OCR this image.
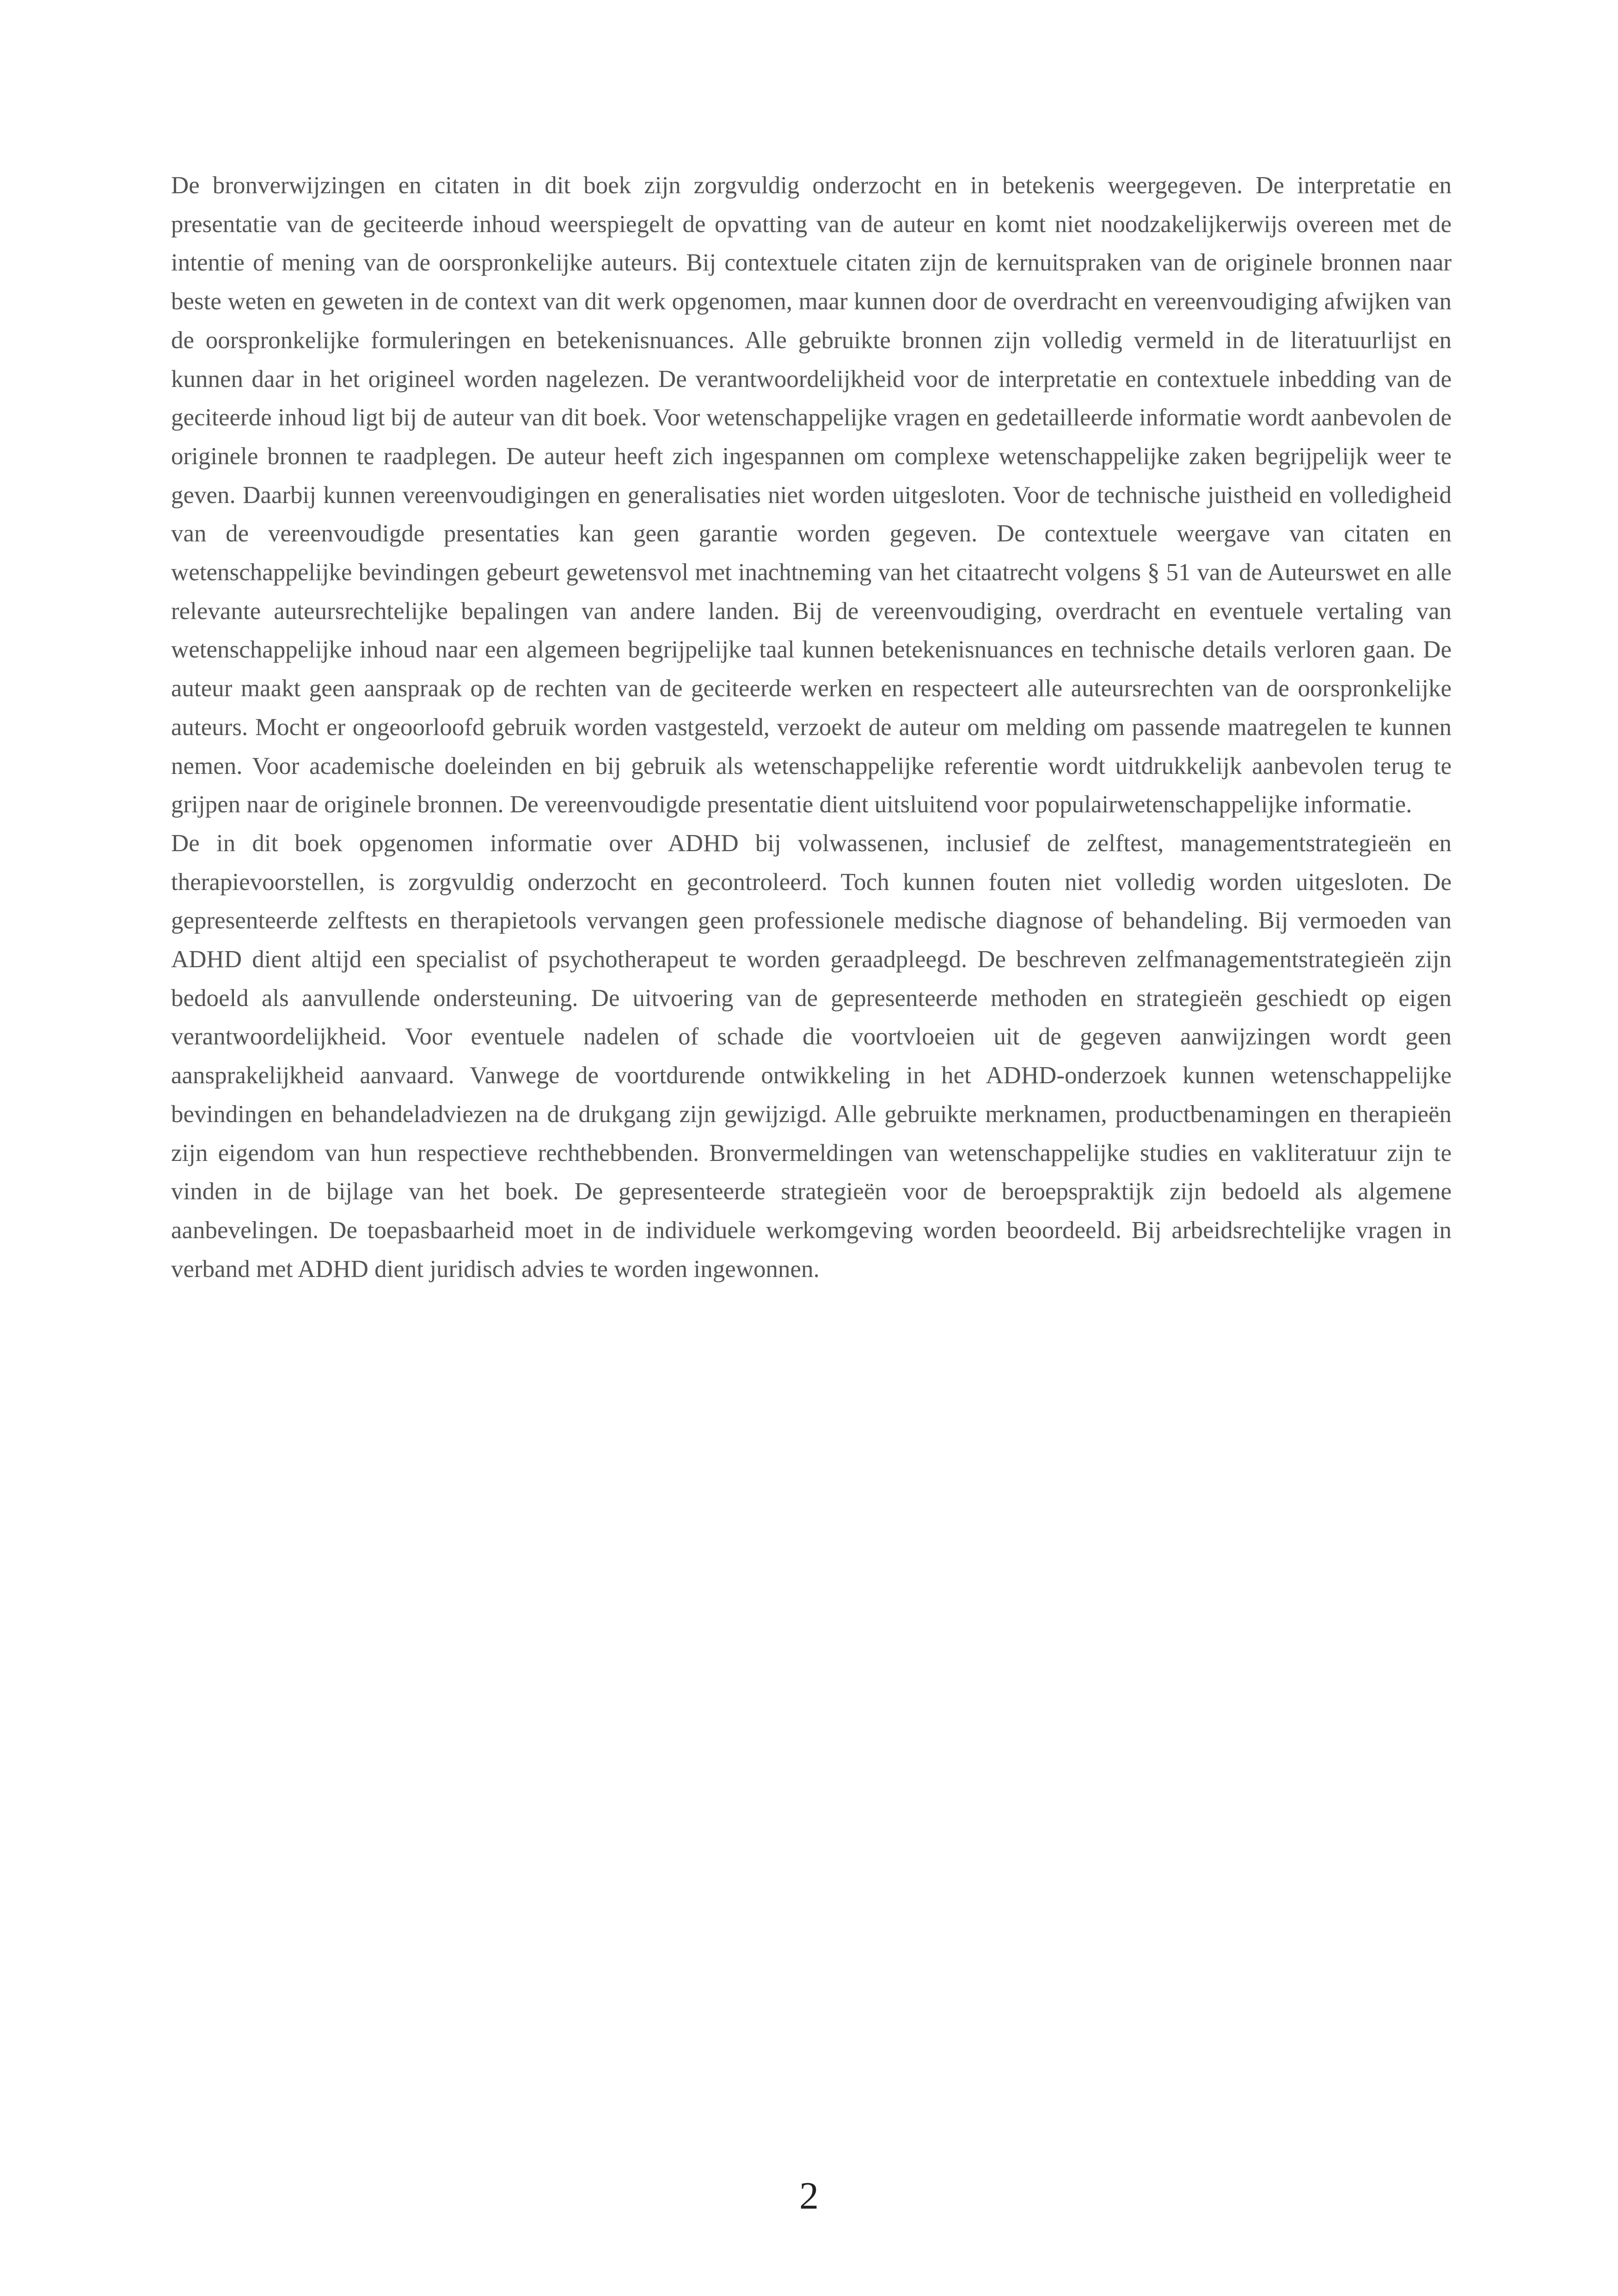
De bronverwijzingen en citaten in dit boek zijn zorgvuldig onderzocht en in betekenis weergegeven. De interpretatie en presentatie van de geciteerde inhoud weerspiegelt de opvatting van de auteur en komt niet noodzakelijkerwijs overeen met de intentie of mening van de oorspronkelijke auteurs. Bij contextuele citaten zijn de kernuitspraken van de originele bronnen naar beste weten en geweten in de context van dit werk opgenomen, maar kunnen door de overdracht en vereenvoudiging afwijken van de oorspronkelijke formuleringen en betekenisnuances. Alle gebruikte bronnen zijn volledig vermeld in de literatuurlijst en kunnen daar in het origineel worden nagelezen. De verantwoordelijkheid voor de interpretatie en contextuele inbedding van de geciteerde inhoud ligt bij de auteur van dit boek. Voor wetenschappelijke vragen en gedetailleerde informatie wordt aanbevolen de originele bronnen te raadplegen. De auteur heeft zich ingespannen om complexe wetenschappelijke zaken begrijpelijk weer te geven. Daarbij kunnen vereenvoudigingen en generalisaties niet worden uitgesloten. Voor de technische juistheid en volledigheid van de vereenvoudigde presentaties kan geen garantie worden gegeven. De contextuele weergave van citaten en wetenschappelijke bevindingen gebeurt gewetensvol met inachtneming van het citaatrecht volgens § 51 van de Auteurswet en alle relevante auteursrechtelijke bepalingen van andere landen. Bij de vereenvoudiging, overdracht en eventuele vertaling van wetenschappelijke inhoud naar een algemeen begrijpelijke taal kunnen betekenisnuances en technische details verloren gaan. De auteur maakt geen aanspraak op de rechten van de geciteerde werken en respecteert alle auteursrechten van de oorspronkelijke auteurs. Mocht er ongeoorloofd gebruik worden vastgesteld, verzoekt de auteur om melding om passende maatregelen te kunnen nemen. Voor academische doeleinden en bij gebruik als wetenschappelijke referentie wordt uitdrukkelijk aanbevolen terug te grijpen naar de originele bronnen. De vereenvoudigde presentatie dient uitsluitend voor populairwetenschappelijke informatie.

De in dit boek opgenomen informatie over ADHD bij volwassenen, inclusief de zelftest, managementstrategieën en therapievoorstellen, is zorgvuldig onderzocht en gecontroleerd. Toch kunnen fouten niet volledig worden uitgesloten. De gepresenteerde zelftests en therapietools vervangen geen professionele medische diagnose of behandeling. Bij vermoeden van ADHD dient altijd een specialist of psychotherapeut te worden geraadpleegd. De beschreven zelfmanagementstrategieën zijn bedoeld als aanvullende ondersteuning. De uitvoering van de gepresenteerde methoden en strategieën geschiedt op eigen verantwoordelijkheid. Voor eventuele nadelen of schade die voortvloeien uit de gegeven aanwijzingen wordt geen aansprakelijkheid aanvaard. Vanwege de voortdurende ontwikkeling in het ADHD-onderzoek kunnen wetenschappelijke bevindingen en behandeladviezen na de drukgang zijn gewijzigd. Alle gebruikte merknamen, productbenamingen en therapieën zijn eigendom van hun respectieve rechthebbenden. Bronvermeldingen van wetenschappelijke studies en vakliteratuur zijn te vinden in de bijlage van het boek. De gepresenteerde strategieën voor de beroepspraktijk zijn bedoeld als algemene aanbevelingen. De toepasbaarheid moet in de individuele werkomgeving worden beoordeeld. Bij arbeidsrechtelijke vragen in verband met ADHD dient juridisch advies te worden ingewonnen.

2
